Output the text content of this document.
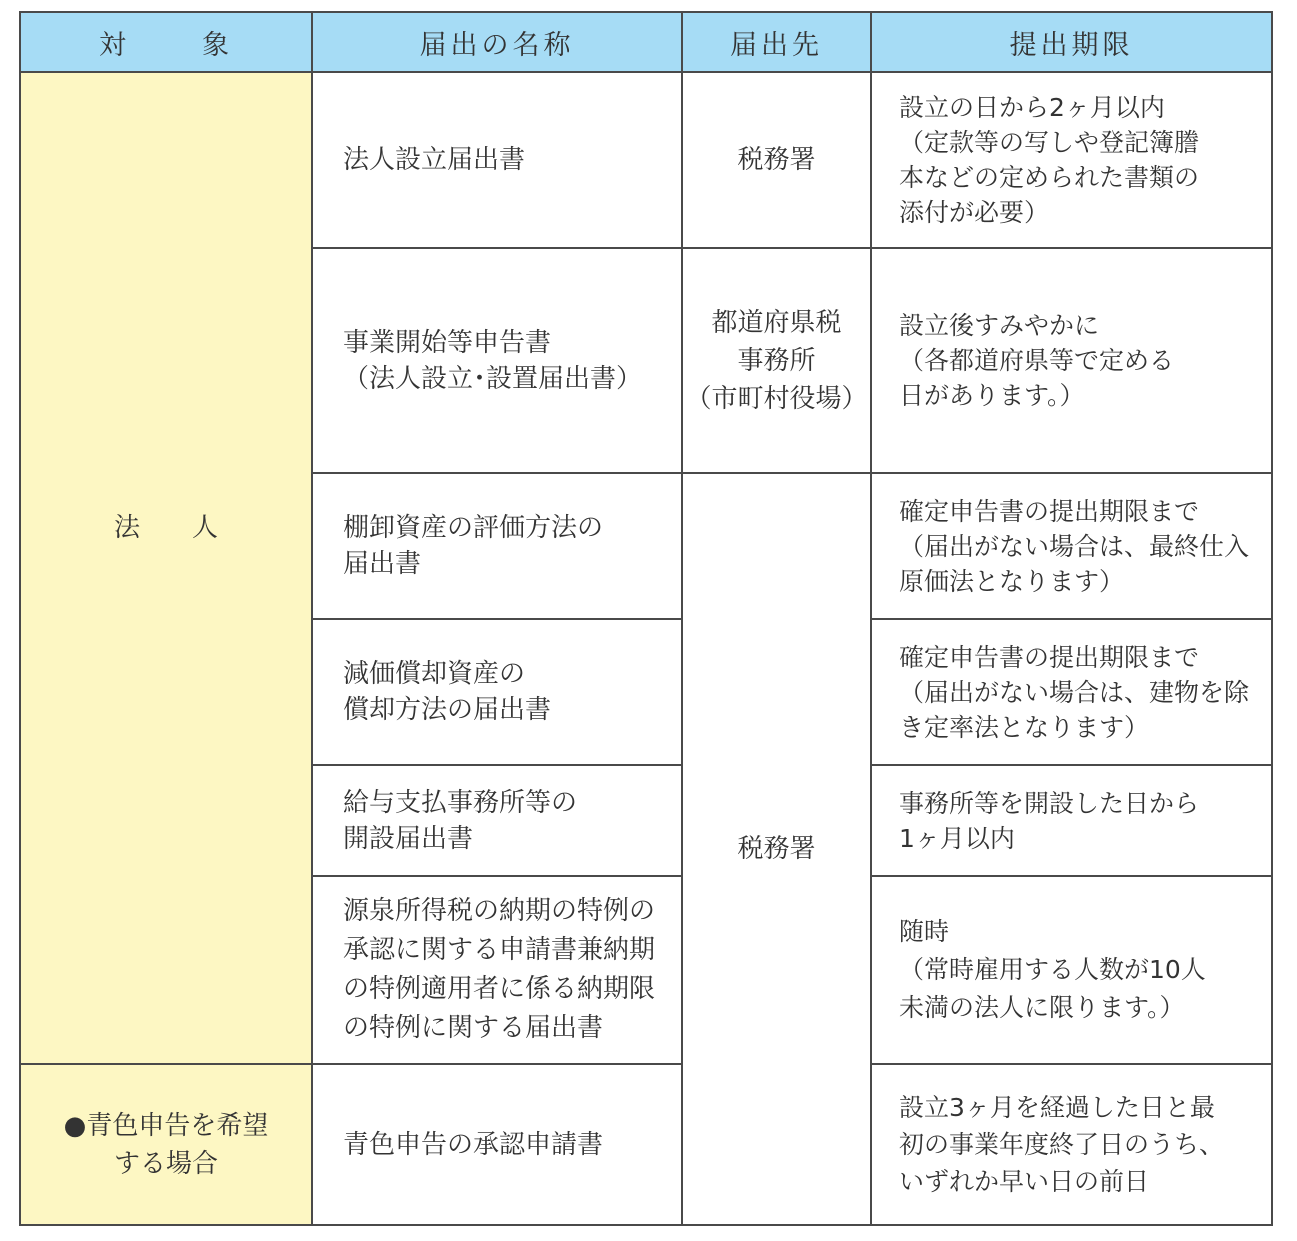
対 象	届出の名称	届出先	提出期限
法　　人	法人設立届出書	税務署	設立の日から2ヶ月以内
（定款等の写しや登記簿謄
本などの定められた書類の
添付が必要）

	事業開始等申告書
（法人設立･設置届出書）	都道府県税
事務所
（市町村役場）	設立後すみやかに
（各都道府県等で定める
日があります。）

	棚卸資産の評価方法の
届出書	税務署	確定申告書の提出期限まで
（届出がない場合は、最終仕入
原価法となります）

	減価償却資産の
償却方法の届出書		確定申告書の提出期限まで
（届出がない場合は、建物を除
き定率法となります）

	給与支払事務所等の
開設届出書		事務所等を開設した日から
1ヶ月以内

	源泉所得税の納期の特例の
承認に関する申請書兼納期
の特例適用者に係る納期限
の特例に関する届出書		随時
（常時雇用する人数が10人
未満の法人に限ります。）

●青色申告を希望
する場合	青色申告の承認申請書		設立3ヶ月を経過した日と最
初の事業年度終了日のうち、
いずれか早い日の前日
